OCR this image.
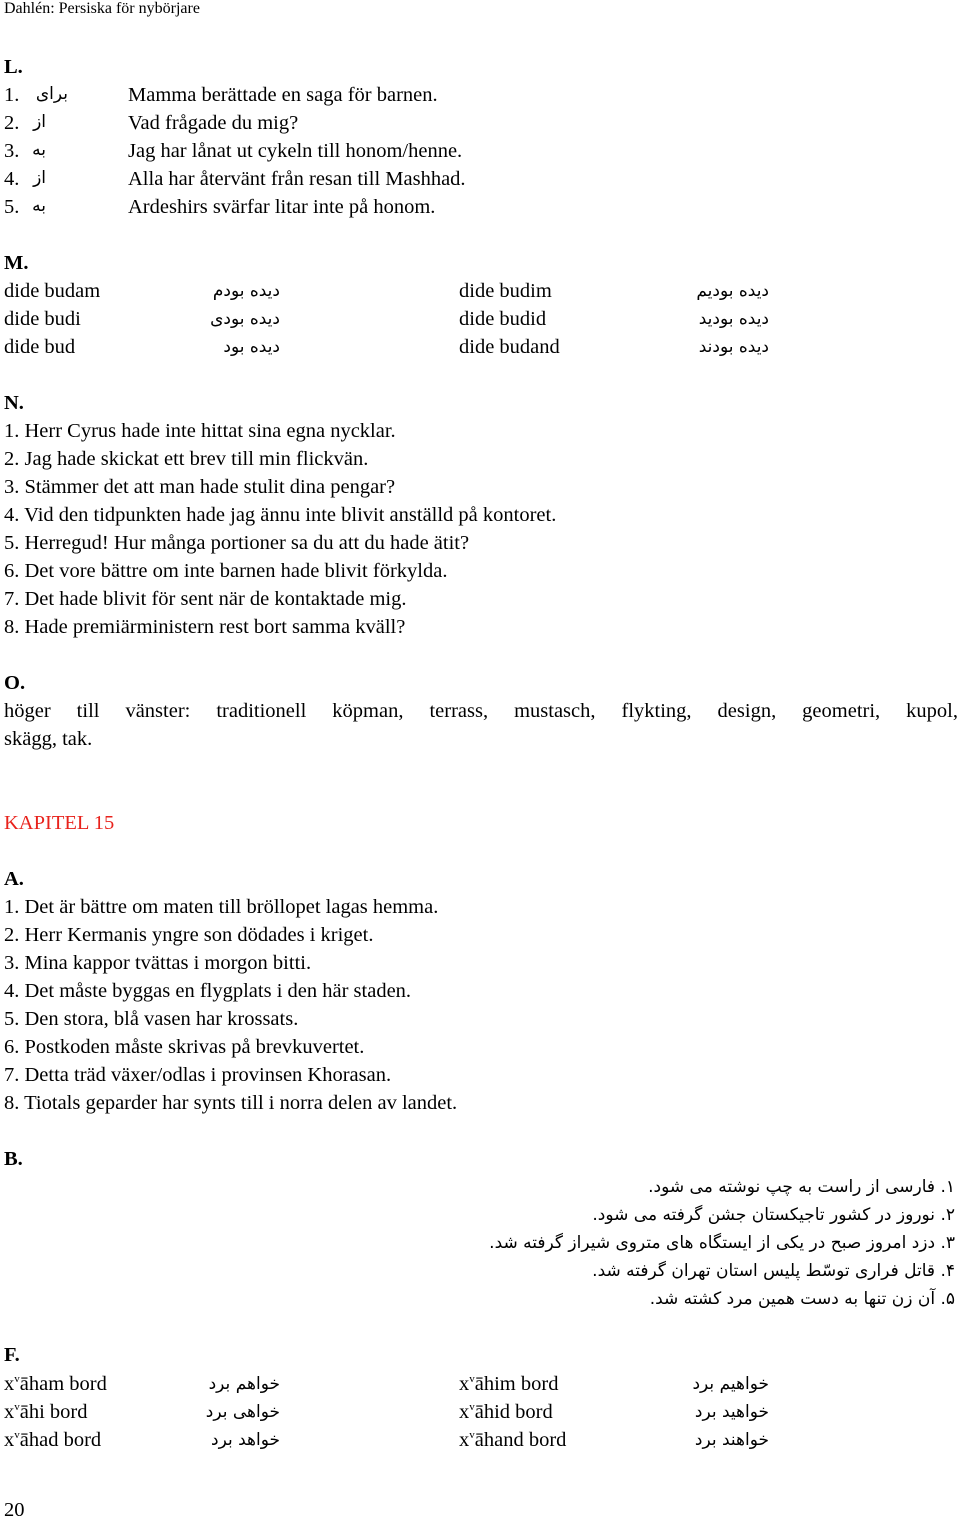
Dahlén: Persiska för nybörjare
L.
1. برای	Mamma berättade en saga för barnen.
2. از	Vad frågade du mig?
3. به	Jag har lånat ut cykeln till honom/henne.
4. از	Alla har återvänt från resan till Mashhad.
5. به	Ardeshirs svärfar litar inte på honom.
M.
dide budam	دیده بودم	dide budim	دیده بودیم
dide budi	دیده بودی	dide budid	دیده بودید
dide bud	دیده بود	dide budand	دیده بودند
N.
1. Herr Cyrus hade inte hittat sina egna nycklar.
2. Jag hade skickat ett brev till min flickvän.
3. Stämmer det att man hade stulit dina pengar?
4. Vid den tidpunkten hade jag ännu inte blivit anställd på kontoret.
5. Herregud! Hur många portioner sa du att du hade ätit?
6. Det vore bättre om inte barnen hade blivit förkylda.
7. Det hade blivit för sent när de kontaktade mig.
8. Hade premiärministern rest bort samma kväll?
O.
höger till vänster: traditionell köpman, terrass, mustasch, flykting, design, geometri, kupol,
skägg, tak.
KAPITEL 15
A.
1. Det är bättre om maten till bröllopet lagas hemma.
2. Herr Kermanis yngre son dödades i kriget.
3. Mina kappor tvättas i morgon bitti.
4. Det måste byggas en flygplats i den här staden.
5. Den stora, blå vasen har krossats.
6. Postkoden måste skrivas på brevkuvertet.
7. Detta träd växer/odlas i provinsen Khorasan.
8. Tiotals geparder har synts till i norra delen av landet.
B.
۱. فارسی از راست به چپ نوشته می شود.
۲. نوروز در کشور تاجیکستان جشن گرفته می شود.
۳. دزد امروز صبح در یکی از ایستگاه های متروی شیراز گرفته شد.
۴. قاتل فراری توسّط پلیس استان تهران گرفته شد.
۵. آن زن تنها به دست همین مرد کشته شد.
F.
$x^vāham$ bord	خواهم برد	$x^vāhim$ bord	خواهیم برد
$x^vāhi$ bord	خواهی برد	$x^vāhid$ bord	خواهید برد
$x^vāhad$ bord	خواهد برد	$x^vāhand$ bord	خواهند برد
20
